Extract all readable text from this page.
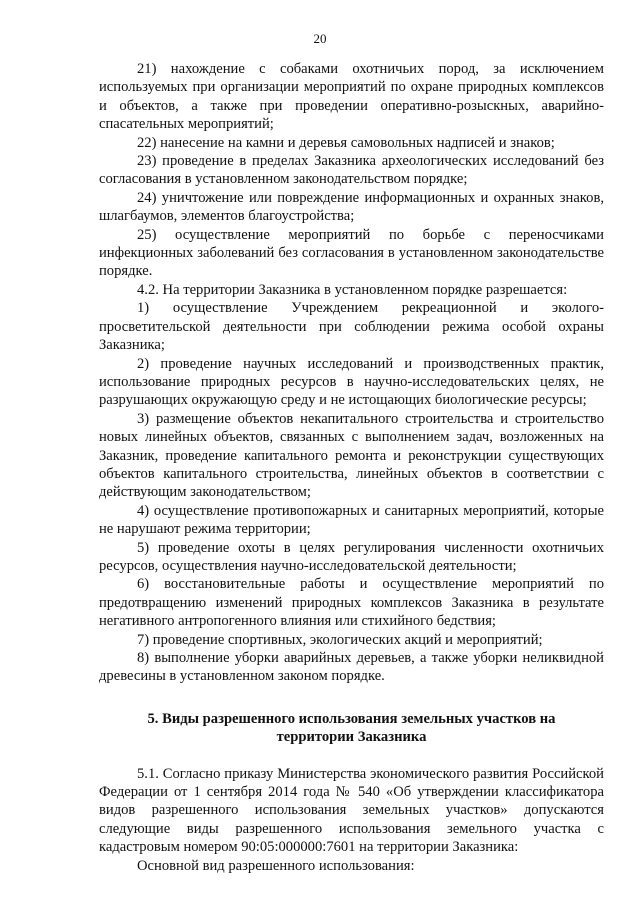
20

21) нахождение с собаками охотничьих пород, за исключением используемых при организации мероприятий по охране природных комплексов и объектов, а также при проведении оперативно-розыскных, аварийно-спасательных мероприятий;

22) нанесение на камни и деревья самовольных надписей и знаков;

23) проведение в пределах Заказника археологических исследований без согласования в установленном законодательством порядке;

24) уничтожение или повреждение информационных и охранных знаков, шлагбаумов, элементов благоустройства;

25) осуществление мероприятий по борьбе с переносчиками инфекционных заболеваний без согласования в установленном законодательстве порядке.

4.2. На территории Заказника в установленном порядке разрешается:

1) осуществление Учреждением рекреационной и эколого-просветительской деятельности при соблюдении режима особой охраны Заказника;

2) проведение научных исследований и производственных практик, использование природных ресурсов в научно-исследовательских целях, не разрушающих окружающую среду и не истощающих биологические ресурсы;

3) размещение объектов некапитального строительства и строительство новых линейных объектов, связанных с выполнением задач, возложенных на Заказник, проведение капитального ремонта и реконструкции существующих объектов капитального строительства, линейных объектов в соответствии с действующим законодательством;

4) осуществление противопожарных и санитарных мероприятий, которые не нарушают режима территории;

5) проведение охоты в целях регулирования численности охотничьих ресурсов, осуществления научно-исследовательской деятельности;

6) восстановительные работы и осуществление мероприятий по предотвращению изменений природных комплексов Заказника в результате негативного антропогенного влияния или стихийного бедствия;

7) проведение спортивных, экологических акций и мероприятий;

8) выполнение уборки аварийных деревьев, а также уборки неликвидной древесины в установленном законом порядке.

5. Виды разрешенного использования земельных участков на территории Заказника

5.1. Согласно приказу Министерства экономического развития Российской Федерации от 1 сентября 2014 года № 540 «Об утверждении классификатора видов разрешенного использования земельных участков» допускаются следующие виды разрешенного использования земельного участка с кадастровым номером 90:05:000000:7601 на территории Заказника:

Основной вид разрешенного использования:
